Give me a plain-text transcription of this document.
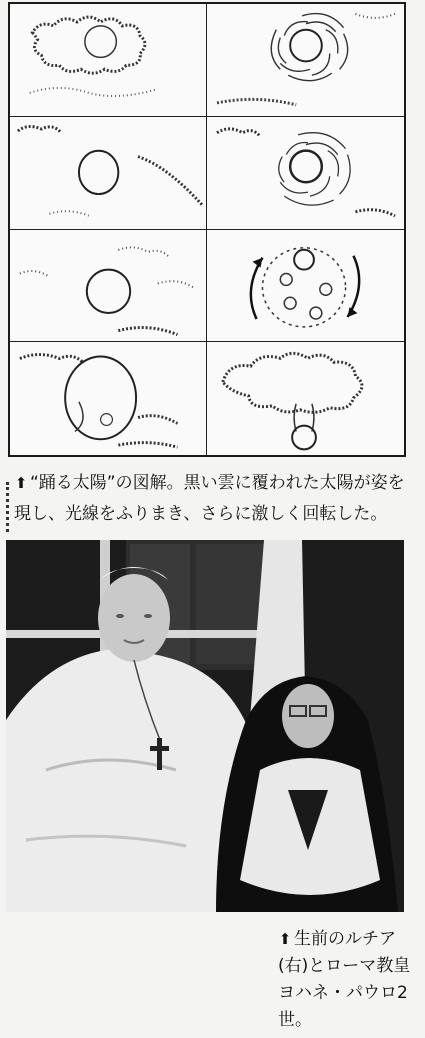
⬆ “踊る太陽”の図解。黒い雲に覆われた太陽が姿を
現し、光線をふりまき、さらに激しく回転した。
⬆ 生前のルチア
(右)とローマ教皇
ヨハネ・パウロ2
世。
